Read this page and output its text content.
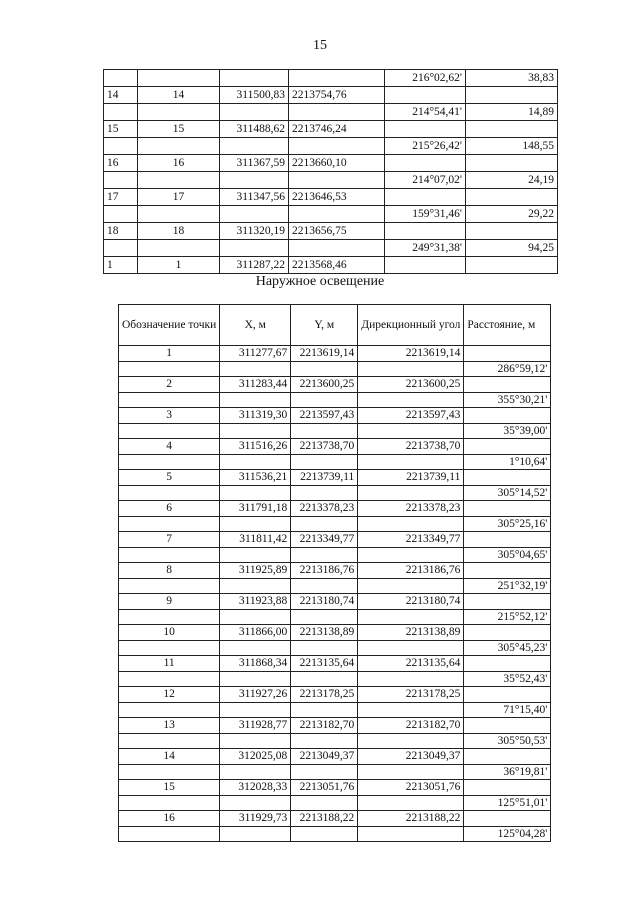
15
				216°02,62'	38,83
14	14	311500,83	2213754,76		
				214°54,41'	14,89
15	15	311488,62	2213746,24		
				215°26,42'	148,55
16	16	311367,59	2213660,10		
				214°07,02'	24,19
17	17	311347,56	2213646,53		
				159°31,46'	29,22
18	18	311320,19	2213656,75		
				249°31,38'	94,25
1	1	311287,22	2213568,46		
Наружное освещение
Обозначение точки	X, м	Y, м	Дирекционный угол	Расстояние, м
1	311277,67	2213619,14	2213619,14	
				286°59,12'
2	311283,44	2213600,25	2213600,25	
				355°30,21'
3	311319,30	2213597,43	2213597,43	
				35°39,00'
4	311516,26	2213738,70	2213738,70	
				1°10,64'
5	311536,21	2213739,11	2213739,11	
				305°14,52'
6	311791,18	2213378,23	2213378,23	
				305°25,16'
7	311811,42	2213349,77	2213349,77	
				305°04,65'
8	311925,89	2213186,76	2213186,76	
				251°32,19'
9	311923,88	2213180,74	2213180,74	
				215°52,12'
10	311866,00	2213138,89	2213138,89	
				305°45,23'
11	311868,34	2213135,64	2213135,64	
				35°52,43'
12	311927,26	2213178,25	2213178,25	
				71°15,40'
13	311928,77	2213182,70	2213182,70	
				305°50,53'
14	312025,08	2213049,37	2213049,37	
				36°19,81'
15	312028,33	2213051,76	2213051,76	
				125°51,01'
16	311929,73	2213188,22	2213188,22	
				125°04,28'
